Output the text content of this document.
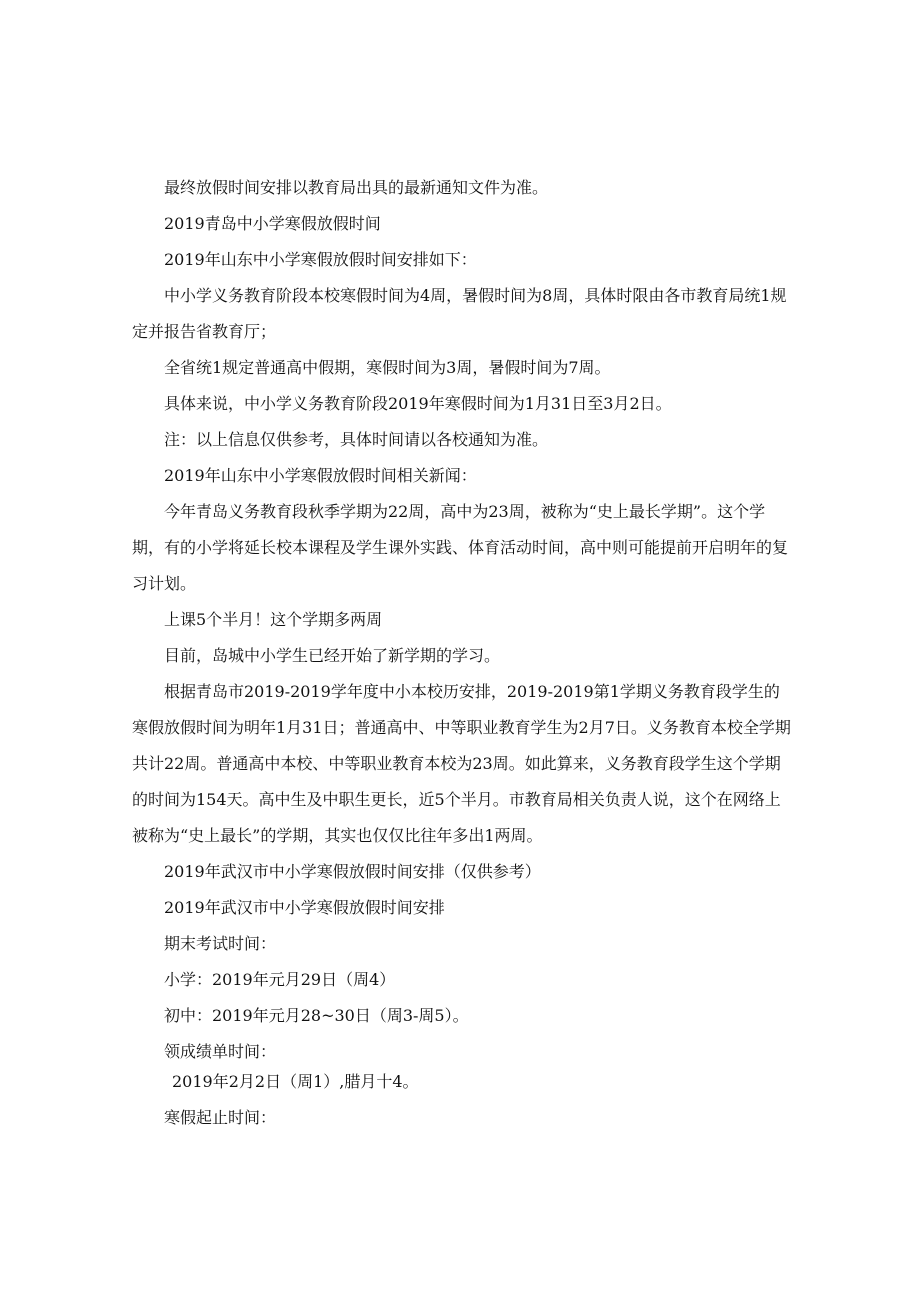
最终放假时间安排以教育局出具的最新通知文件为准。

2019青岛中小学寒假放假时间

2019年山东中小学寒假放假时间安排如下：

中小学义务教育阶段本校寒假时间为4周，暑假时间为8周，具体时限由各市教育局统1规定并报告省教育厅；

全省统1规定普通高中假期，寒假时间为3周，暑假时间为7周。

具体来说，中小学义务教育阶段2019年寒假时间为1月31日至3月2日。

注：以上信息仅供参考，具体时间请以各校通知为准。

2019年山东中小学寒假放假时间相关新闻：

今年青岛义务教育段秋季学期为22周，高中为23周，被称为“史上最长学期”。这个学期，有的小学将延长校本课程及学生课外实践、体育活动时间，高中则可能提前开启明年的复习计划。

上课5个半月！这个学期多两周

目前，岛城中小学生已经开始了新学期的学习。

根据青岛市2019-2019学年度中小本校历安排，2019-2019第1学期义务教育段学生的寒假放假时间为明年1月31日；普通高中、中等职业教育学生为2月7日。义务教育本校全学期共计22周。普通高中本校、中等职业教育本校为23周。如此算来，义务教育段学生这个学期的时间为154天。高中生及中职生更长，近5个半月。市教育局相关负责人说，这个在网络上被称为“史上最长”的学期，其实也仅仅比往年多出1两周。

2019年武汉市中小学寒假放假时间安排（仅供参考）

2019年武汉市中小学寒假放假时间安排

期末考试时间：

小学：2019年元月29日（周4）

初中：2019年元月28~30日（周3-周5）。

领成绩单时间：

2019年2月2日（周1）,腊月十4。

寒假起止时间：
